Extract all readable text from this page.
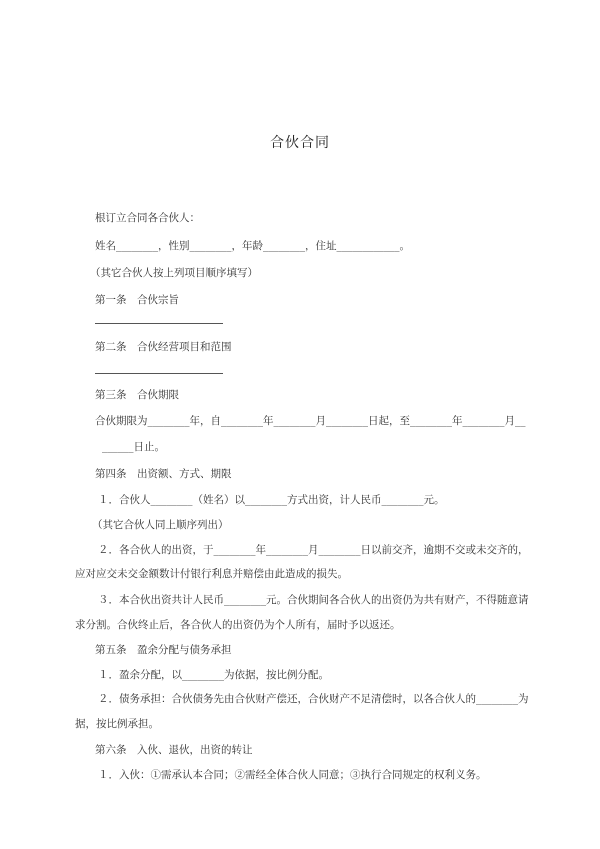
合伙合同
根订立合同各合伙人：
姓名________，性别________，年龄________，住址____________。
（其它合伙人按上列项目顺序填写）
第一条　合伙宗旨
第二条　合伙经营项目和范围
第三条　合伙期限
合伙期限为________年，自________年________月________日起，至________年________月__
______日止。
第四条　出资额、方式、期限
１．合伙人________（姓名）以________方式出资，计人民币________元。
（其它合伙人同上顺序列出）
２．各合伙人的出资，于________年________月________日以前交齐，逾期不交或未交齐的，
应对应交未交金额数计付银行利息并赔偿由此造成的损失。
３．本合伙出资共计人民币________元。合伙期间各合伙人的出资仍为共有财产，不得随意请
求分割。合伙终止后，各合伙人的出资仍为个人所有，届时予以返还。
第五条　盈余分配与债务承担
１．盈余分配，以________为依据，按比例分配。
２．债务承担：合伙债务先由合伙财产偿还，合伙财产不足清偿时，以各合伙人的________为
据，按比例承担。
第六条　入伙、退伙，出资的转让
１．入伙：①需承认本合同；②需经全体合伙人同意；③执行合同规定的权利义务。
